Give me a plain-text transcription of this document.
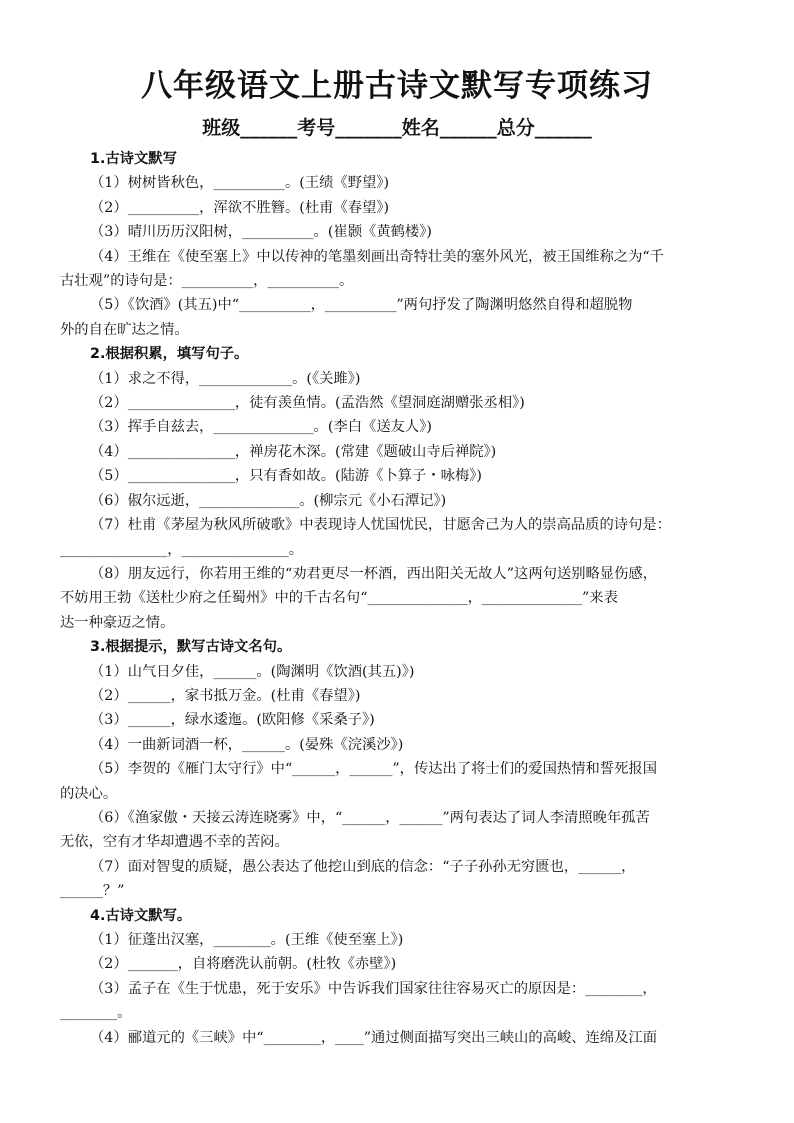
八年级语文上册古诗文默写专项练习
班级______考号_______姓名______总分______

1.古诗文默写

（1）树树皆秋色，__________。(王绩《野望》)

（2）__________，浑欲不胜簪。(杜甫《春望》)

（3）晴川历历汉阳树，__________。(崔颢《黄鹤楼》)

（4）王维在《使至塞上》中以传神的笔墨刻画出奇特壮美的塞外风光，被王国维称之为“千

古壮观”的诗句是：__________，__________。

（5）《饮酒》(其五)中“__________，__________”两句抒发了陶渊明悠然自得和超脱物

外的自在旷达之情。

2.根据积累，填写句子。

（1）求之不得，_____________。(《关雎》)

（2）_______________，徒有羡鱼情。(孟浩然《望洞庭湖赠张丞相》)

（3）挥手自兹去，______________。(李白《送友人》)

（4）_______________，禅房花木深。(常建《题破山寺后禅院》)

（5）_______________，只有香如故。(陆游《卜算子・咏梅》)

（6）俶尔远逝，______________。(柳宗元《小石潭记》)

（7）杜甫《茅屋为秋风所破歌》中表现诗人忧国忧民，甘愿舍己为人的崇高品质的诗句是：

_______________，_______________。

（8）朋友远行，你若用王维的“劝君更尽一杯酒，西出阳关无故人”这两句送别略显伤感，

不妨用王勃《送杜少府之任蜀州》中的千古名句“______________，______________”来表

达一种豪迈之情。

3.根据提示，默写古诗文名句。

（1）山气日夕佳，______。(陶渊明《饮酒(其五)》)

（2）______，家书抵万金。(杜甫《春望》)

（3）______，绿水逶迤。(欧阳修《采桑子》)

（4）一曲新词酒一杯，______。(晏殊《浣溪沙》)

（5）李贺的《雁门太守行》中“______，______”，传达出了将士们的爱国热情和誓死报国

的决心。

（6）《渔家傲・天接云涛连晓雾》中，“______，______”两句表达了词人李清照晚年孤苦

无依，空有才华却遭遇不幸的苦闷。

（7）面对智叟的质疑，愚公表达了他挖山到底的信念：“子子孙孙无穷匮也，______，

______？”

4.古诗文默写。

（1）征蓬出汉塞，________。(王维《使至塞上》)

（2）_______，自将磨洗认前朝。(杜牧《赤壁》)

（3）孟子在《生于忧患，死于安乐》中告诉我们国家往往容易灭亡的原因是：________，

________。

（4）郦道元的《三峡》中“________，____”通过侧面描写突出三峡山的高峻、连绵及江面
